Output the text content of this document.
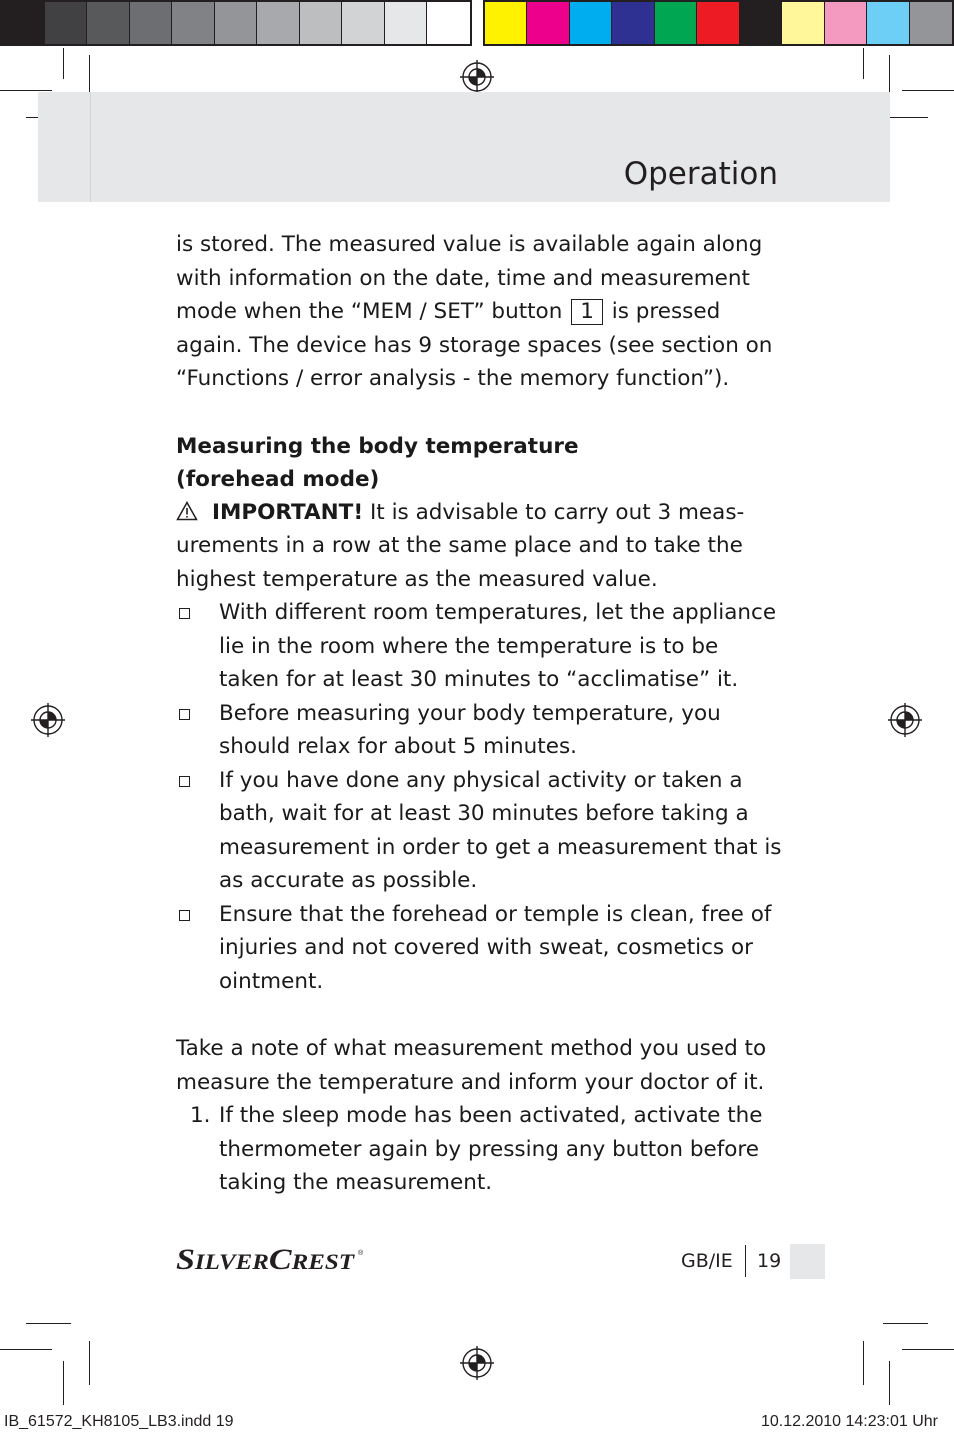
Operation

is stored. The measured value is available again along with information on the date, time and measurement mode when the “MEM / SET” button 1 is pressed again. The device has 9 storage spaces (see section on “Functions / error analysis - the memory function”).

Measuring the body temperature
(forehead mode)

IMPORTANT! It is advisable to carry out 3 meas-urements in a row at the same place and to take the highest temperature as the measured value.

With different room temperatures, let the appliance lie in the room where the temperature is to be taken for at least 30 minutes to “acclimatise” it.
Before measuring your body temperature, you should relax for about 5 minutes.
If you have done any physical activity or taken a bath, wait for at least 30 minutes before taking a measurement in order to get a measurement that is as accurate as possible.
Ensure that the forehead or temple is clean, free of injuries and not covered with sweat, cosmetics or ointment.

Take a note of what measurement method you used to measure the temperature and inform your doctor of it.

1. If the sleep mode has been activated, activate the thermometer again by pressing any button before taking the measurement.
S ILVER C REST	®	GB/IE 19
IB_61572_KH8105_LB3.indd 19	10.12.2010 14:23:01 Uhr
